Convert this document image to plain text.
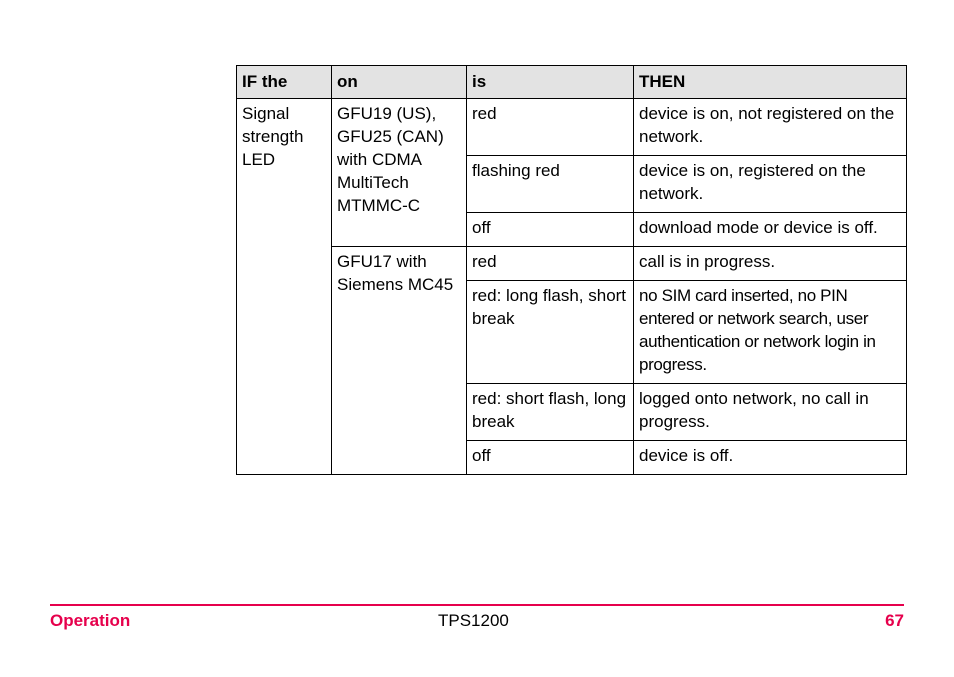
IF the	on	is	THEN
Signal strength LED	GFU19 (US), GFU25 (CAN) with CDMA MultiTech MTMMC-C	red	device is on, not registered on the network.
		flashing red	device is on, registered on the network.
		off	download mode or device is off.
	GFU17 with Siemens MC45	red	call is in progress.
		red: long flash, short break	no SIM card inserted, no PIN entered or network search, user authentication or network login in progress.
		red: short flash, long break	logged onto network, no call in progress.
		off	device is off.
Operation	TPS1200	67
